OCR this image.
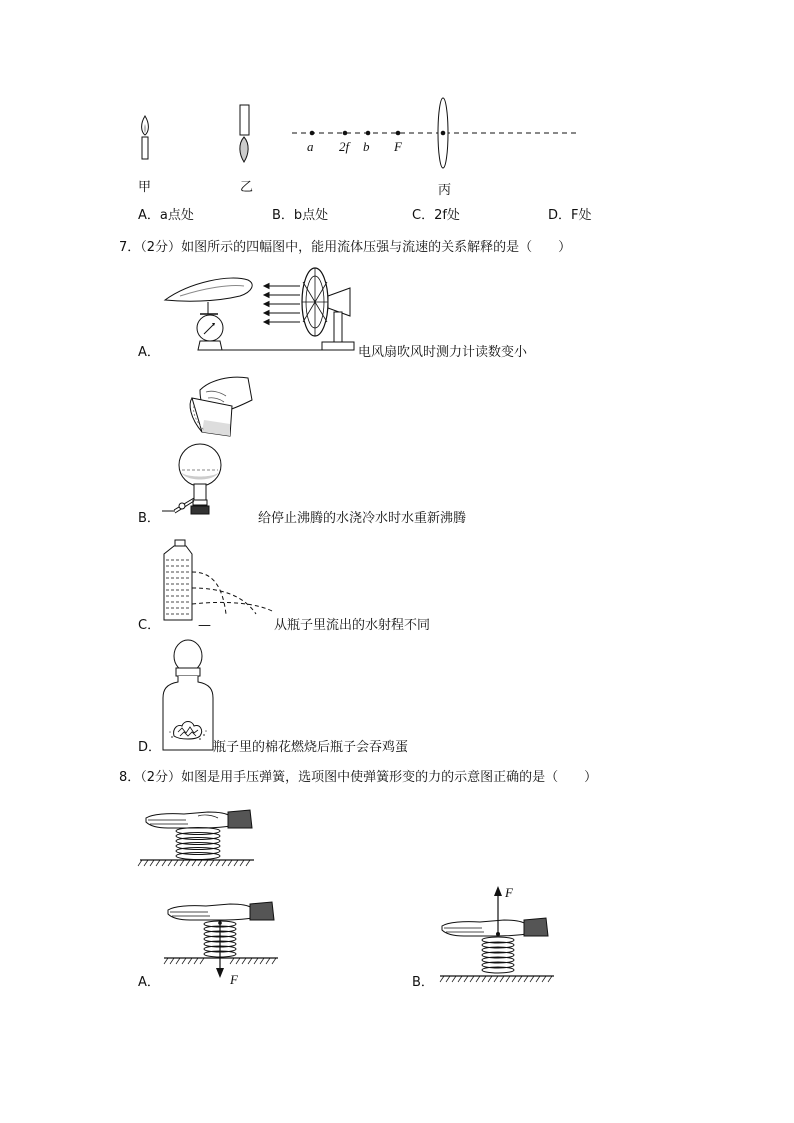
甲	乙
a 2f b F
丙
A．a点处	B．b点处	C．2f处	D．F处
7．（2分）如图所示的四幅图中，能用流体压强与流速的关系解释的是（　　）
A．	电风扇吹风时测力计读数变小
B．	给停止沸腾的水浇冷水时水重新沸腾
C．	—	从瓶子里流出的水射程不同
D．	瓶子里的棉花燃烧后瓶子会吞鸡蛋
8．（2分）如图是用手压弹簧，选项图中使弹簧形变的力的示意图正确的是（　　）
F
A．
F
B．
